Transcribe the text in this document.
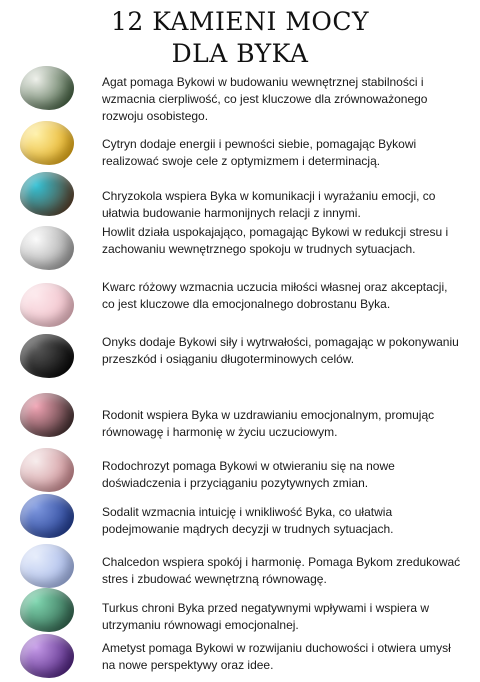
12 KAMIENI MOCY
DLA BYKA
Agat pomaga Bykowi w budowaniu wewnętrznej stabilności i wzmacnia cierpliwość, co jest kluczowe dla zrównoważonego rozwoju osobistego.
Cytryn dodaje energii i pewności siebie, pomagając Bykowi realizować swoje cele z optymizmem i determinacją.
Chryzokola wspiera Byka w komunikacji i wyrażaniu emocji, co ułatwia budowanie harmonijnych relacji z innymi.
Howlit działa uspokajająco, pomagając Bykowi w redukcji stresu i zachowaniu wewnętrznego spokoju w trudnych sytuacjach.
Kwarc różowy wzmacnia uczucia miłości własnej oraz akceptacji, co jest kluczowe dla emocjonalnego dobrostanu Byka.
Onyks dodaje Bykowi siły i wytrwałości, pomagając w pokonywaniu przeszkód i osiąganiu długoterminowych celów.
Rodonit wspiera Byka w uzdrawianiu emocjonalnym, promując równowagę i harmonię w życiu uczuciowym.
Rodochrozyt pomaga Bykowi w otwieraniu się na nowe doświadczenia i przyciąganiu pozytywnych zmian.
Sodalit wzmacnia intuicję i wnikliwość Byka, co ułatwia podejmowanie mądrych decyzji w trudnych sytuacjach.
Chalcedon wspiera spokój i harmonię. Pomaga Bykom zredukować stres i zbudować wewnętrzną równowagę.
Turkus chroni Byka przed negatywnymi wpływami i wspiera w utrzymaniu równowagi emocjonalnej.
Ametyst pomaga Bykowi w rozwijaniu duchowości i otwiera umysł na nowe perspektywy oraz idee.
